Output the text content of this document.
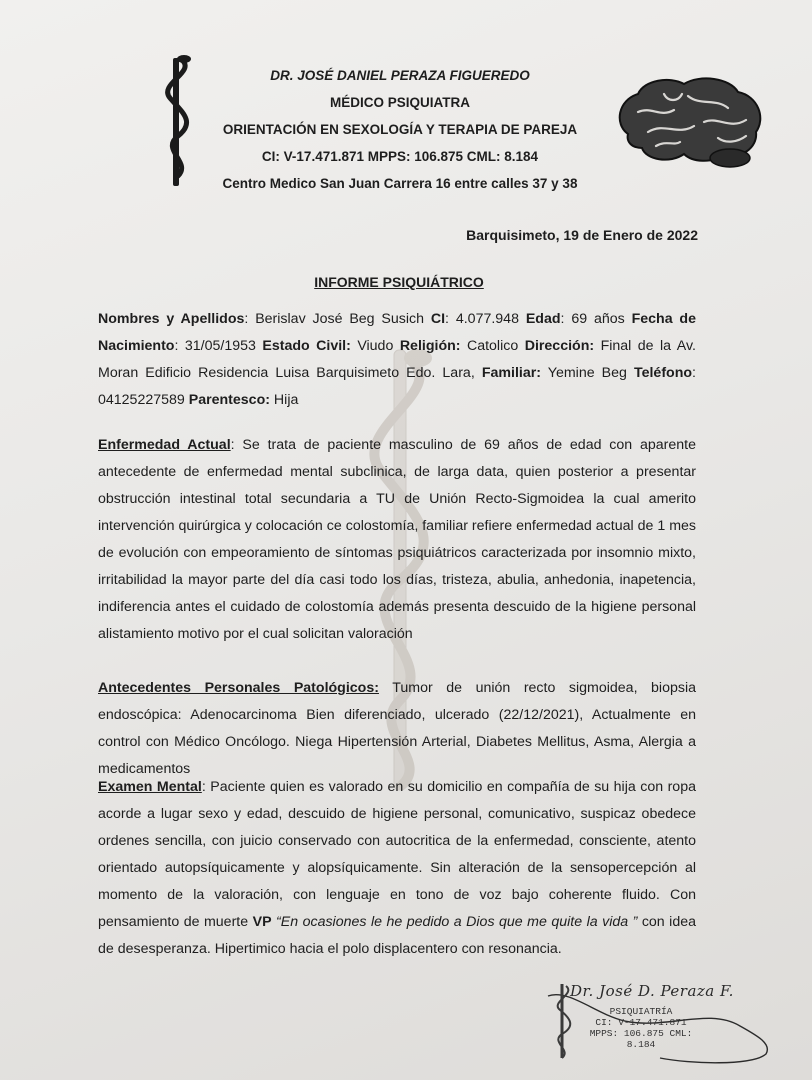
DR. JOSÉ DANIEL PERAZA FIGUEREDO
MÉDICO PSIQUIATRA
ORIENTACIÓN EN SEXOLOGÍA Y TERAPIA DE PAREJA
CI: V-17.471.871 MPPS: 106.875 CML: 8.184
Centro Medico San Juan Carrera 16 entre calles 37 y 38
Barquisimeto, 19 de Enero de 2022
INFORME PSIQUIÁTRICO

Nombres y Apellidos: Berislav José Beg Susich CI: 4.077.948 Edad: 69 años Fecha de Nacimiento: 31/05/1953 Estado Civil: Viudo Religión: Catolico Dirección: Final de la Av. Moran Edificio Residencia Luisa Barquisimeto Edo. Lara, Familiar: Yemine Beg Teléfono: 04125227589 Parentesco: Hija

Enfermedad Actual: Se trata de paciente masculino de 69 años de edad con aparente antecedente de enfermedad mental subclinica, de larga data, quien posterior a presentar obstrucción intestinal total secundaria a TU de Unión Recto-Sigmoidea la cual amerito intervención quirúrgica y colocación ce colostomía, familiar refiere enfermedad actual de 1 mes de evolución con empeoramiento de síntomas psiquiátricos caracterizada por insomnio mixto, irritabilidad la mayor parte del día casi todo los días, tristeza, abulia, anhedonia, inapetencia, indiferencia antes el cuidado de colostomía además presenta descuido de la higiene personal alistamiento motivo por el cual solicitan valoración

Antecedentes Personales Patológicos: Tumor de unión recto sigmoidea, biopsia endoscópica: Adenocarcinoma Bien diferenciado, ulcerado (22/12/2021), Actualmente en control con Médico Oncólogo. Niega Hipertensión Arterial, Diabetes Mellitus, Asma, Alergia a medicamentos

Examen Mental: Paciente quien es valorado en su domicilio en compañía de su hija con ropa acorde a lugar sexo y edad, descuido de higiene personal, comunicativo, suspicaz obedece ordenes sencilla, con juicio conservado con autocritica de la enfermedad, consciente, atento orientado autopsíquicamente y alopsíquicamente. Sin alteración de la sensopercepción al momento de la valoración, con lenguaje en tono de voz bajo coherente fluido. Con pensamiento de muerte VP “En ocasiones le he pedido a Dios que me quite la vida ” con idea de desesperanza. Hipertimico hacia el polo displacentero con resonancia.

Dr. José D. Peraza F.
PSIQUIATRÍA
CI: V-17.471.871
MPPS: 106.875 CML: 8.184
